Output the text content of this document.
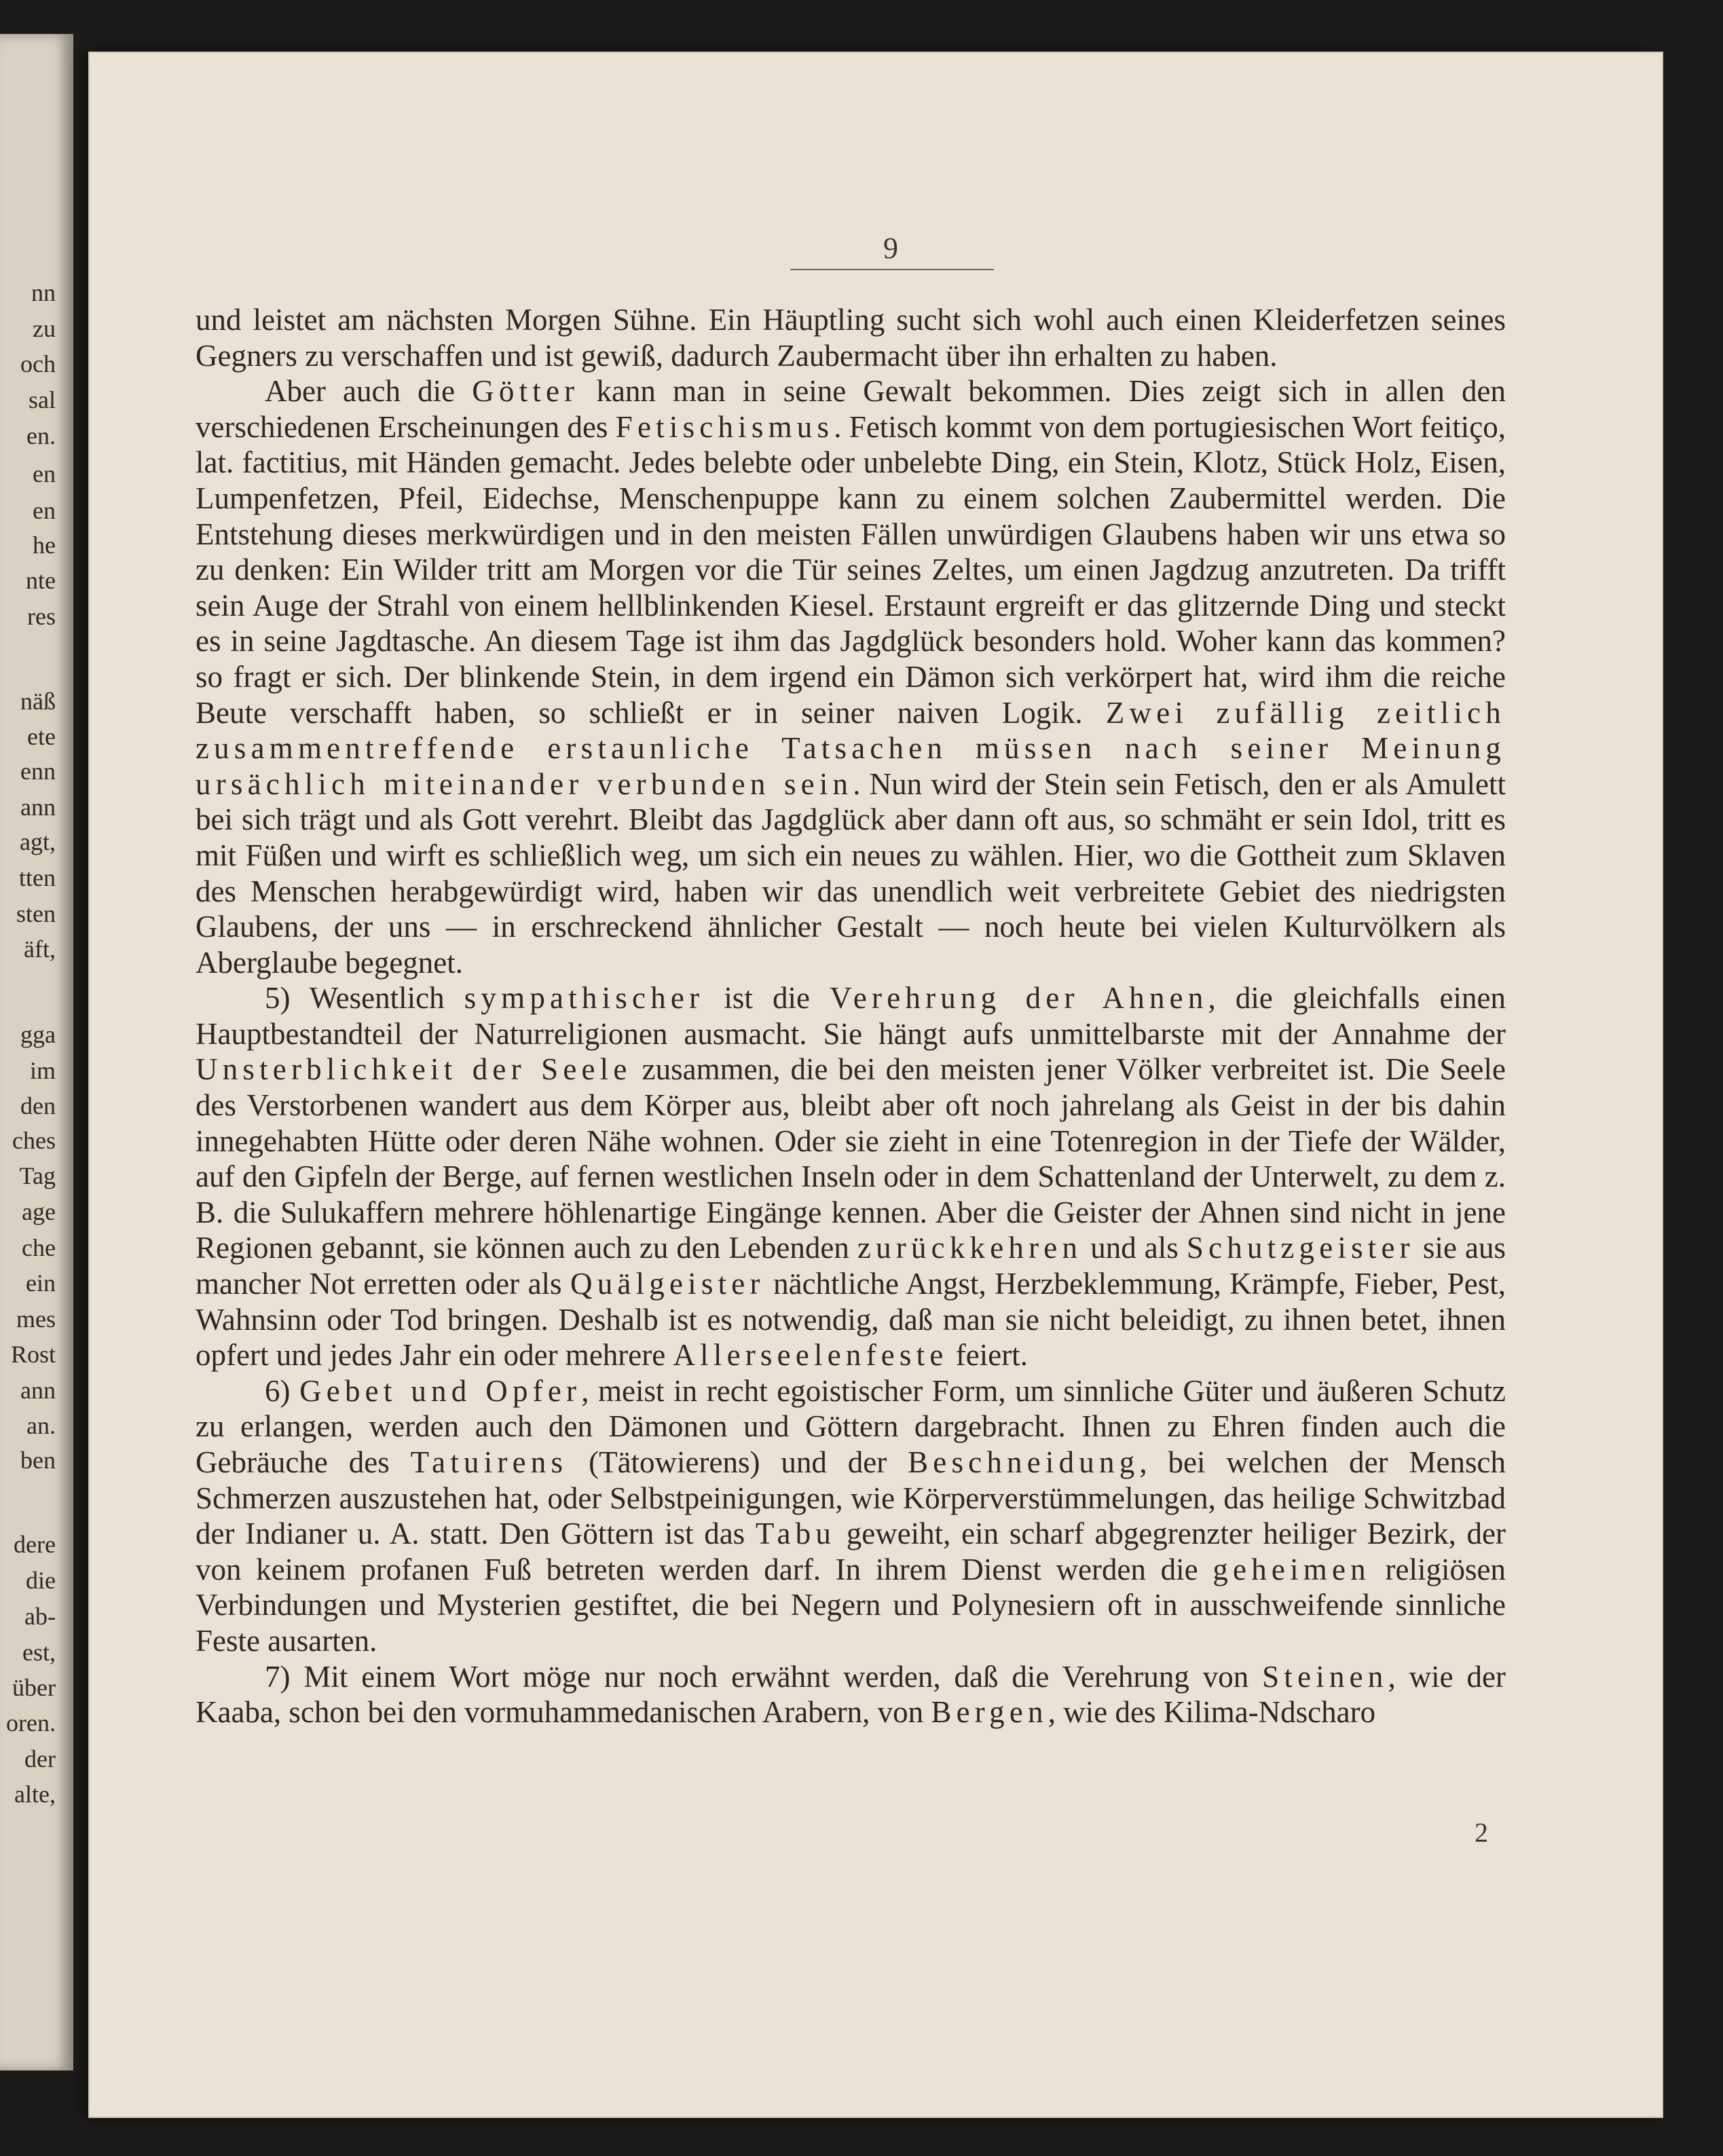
nn
zu
och
sal
en.
en
en
he
nte
res
näß
ete
enn
ann
agt,
tten
sten
äft,
gga
im
den
ches
Tag
age
che
ein
mes
Rost
ann
an.
ben
dere
die
ab-
est,
über
oren.
der
alte,
9

und leistet am nächsten Morgen Sühne. Ein Häuptling sucht sich wohl auch einen Kleiderfetzen seines Gegners zu verschaffen und ist gewiß, dadurch Zaubermacht über ihn erhalten zu haben.

Aber auch die Götter kann man in seine Gewalt bekommen. Dies zeigt sich in allen den verschiedenen Erscheinungen des Fetischismus. Fetisch kommt von dem portugiesischen Wort feitiço, lat. factitius, mit Händen gemacht. Jedes belebte oder unbelebte Ding, ein Stein, Klotz, Stück Holz, Eisen, Lumpenfetzen, Pfeil, Eidechse, Menschenpuppe kann zu einem solchen Zaubermittel werden. Die Entstehung dieses merkwürdigen und in den meisten Fällen unwürdigen Glaubens haben wir uns etwa so zu denken: Ein Wilder tritt am Morgen vor die Tür seines Zeltes, um einen Jagdzug anzutreten. Da trifft sein Auge der Strahl von einem hellblinkenden Kiesel. Erstaunt ergreift er das glitzernde Ding und steckt es in seine Jagdtasche. An diesem Tage ist ihm das Jagdglück besonders hold. Woher kann das kommen? so fragt er sich. Der blinkende Stein, in dem irgend ein Dämon sich verkörpert hat, wird ihm die reiche Beute verschafft haben, so schließt er in seiner naiven Logik. Zwei zufällig zeitlich zusammentreffende erstaunliche Tatsachen müssen nach seiner Meinung ursächlich miteinander verbunden sein. Nun wird der Stein sein Fetisch, den er als Amulett bei sich trägt und als Gott verehrt. Bleibt das Jagdglück aber dann oft aus, so schmäht er sein Idol, tritt es mit Füßen und wirft es schließlich weg, um sich ein neues zu wählen. Hier, wo die Gottheit zum Sklaven des Menschen herabgewürdigt wird, haben wir das unendlich weit verbreitete Gebiet des niedrigsten Glaubens, der uns — in erschreckend ähnlicher Gestalt — noch heute bei vielen Kulturvölkern als Aberglaube begegnet.

5) Wesentlich sympathischer ist die Verehrung der Ahnen, die gleichfalls einen Hauptbestandteil der Naturreligionen ausmacht. Sie hängt aufs unmittelbarste mit der Annahme der Unsterblichkeit der Seele zusammen, die bei den meisten jener Völker verbreitet ist. Die Seele des Verstorbenen wandert aus dem Körper aus, bleibt aber oft noch jahrelang als Geist in der bis dahin innegehabten Hütte oder deren Nähe wohnen. Oder sie zieht in eine Totenregion in der Tiefe der Wälder, auf den Gipfeln der Berge, auf fernen westlichen Inseln oder in dem Schattenland der Unterwelt, zu dem z. B. die Sulukaffern mehrere höhlenartige Eingänge kennen. Aber die Geister der Ahnen sind nicht in jene Regionen gebannt, sie können auch zu den Lebenden zurückkehren und als Schutzgeister sie aus mancher Not erretten oder als Quälgeister nächtliche Angst, Herzbeklemmung, Krämpfe, Fieber, Pest, Wahnsinn oder Tod bringen. Deshalb ist es notwendig, daß man sie nicht beleidigt, zu ihnen betet, ihnen opfert und jedes Jahr ein oder mehrere Allerseelenfeste feiert.

6) Gebet und Opfer, meist in recht egoistischer Form, um sinnliche Güter und äußeren Schutz zu erlangen, werden auch den Dämonen und Göttern dargebracht. Ihnen zu Ehren finden auch die Gebräuche des Tatuirens (Tätowierens) und der Beschneidung, bei welchen der Mensch Schmerzen auszustehen hat, oder Selbstpeinigungen, wie Körperverstümmelungen, das heilige Schwitzbad der Indianer u. A. statt. Den Göttern ist das Tabu geweiht, ein scharf abgegrenzter heiliger Bezirk, der von keinem profanen Fuß betreten werden darf. In ihrem Dienst werden die geheimen religiösen Verbindungen und Mysterien gestiftet, die bei Negern und Polynesiern oft in ausschweifende sinnliche Feste ausarten.

7) Mit einem Wort möge nur noch erwähnt werden, daß die Verehrung von Steinen, wie der Kaaba, schon bei den vormuhammedanischen Arabern, von Bergen, wie des Kilima-Ndscharo

2
